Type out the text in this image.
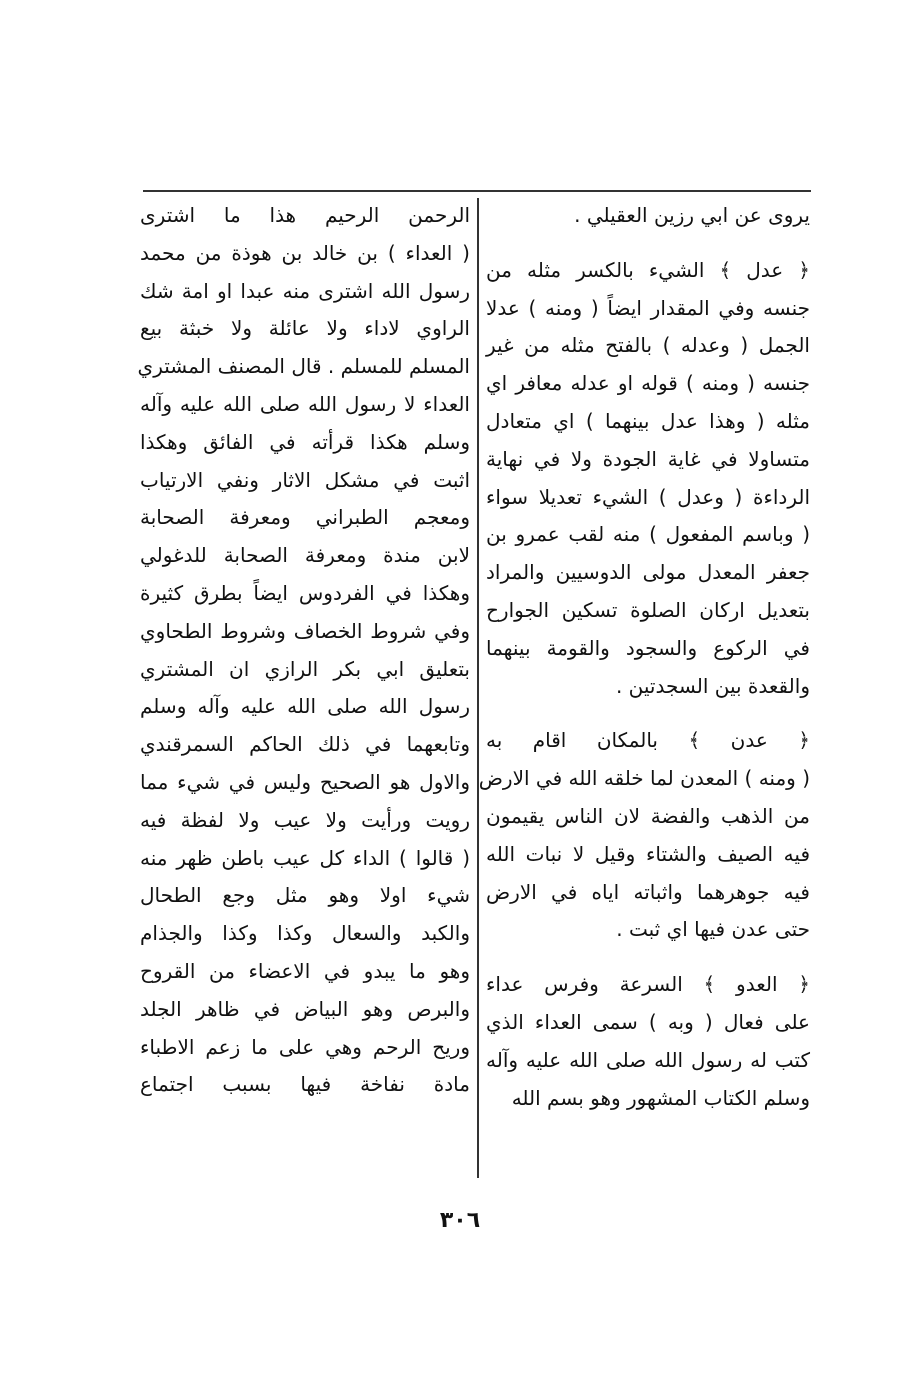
يروى عن ابي رزين العقيلي .
﴿ عدل ﴾ الشيء بالكسر مثله من
جنسه وفي المقدار ايضاً ( ومنه ) عدلا
الجمل ( وعدله ) بالفتح مثله من غير
جنسه ( ومنه ) قوله او عدله معافر اي
مثله ( وهذا عدل بينهما ) اي متعادل
متساولا في غاية الجودة ولا في نهاية
الرداءة ( وعدل ) الشيء تعديلا سواء
( وباسم المفعول ) منه لقب عمرو بن
جعفر المعدل مولى الدوسيين والمراد
بتعديل اركان الصلوة تسكين الجوارح
في الركوع والسجود والقومة بينهما
والقعدة بين السجدتين .
﴿ عدن ﴾ بالمكان اقام به
( ومنه ) المعدن لما خلقه الله في الارض
من الذهب والفضة لان الناس يقيمون
فيه الصيف والشتاء وقيل لا نبات الله
فيه جوهرهما واثباته اياه في الارض
حتى عدن فيها اي ثبت .
﴿ العدو ﴾ السرعة وفرس عداء
على فعال ( وبه ) سمى العداء الذي
كتب له رسول الله صلى الله عليه وآله
وسلم الكتاب المشهور وهو بسم الله
الرحمن الرحيم هذا ما اشترى
( العداء ) بن خالد بن هوذة من محمد
رسول الله اشترى منه عبدا او امة شك
الراوي لاداء ولا عائلة ولا خبثة بيع
المسلم للمسلم . قال المصنف المشتري
العداء لا رسول الله صلى الله عليه وآله
وسلم هكذا قرأته في الفائق وهكذا
اثبت في مشكل الاثار ونفي الارتياب
ومعجم الطبراني ومعرفة الصحابة
لابن مندة ومعرفة الصحابة للدغولي
وهكذا في الفردوس ايضاً بطرق كثيرة
وفي شروط الخصاف وشروط الطحاوي
بتعليق ابي بكر الرازي ان المشتري
رسول الله صلى الله عليه وآله وسلم
وتابعهما في ذلك الحاكم السمرقندي
والاول هو الصحيح وليس في شيء مما
رويت ورأيت ولا عيب ولا لفظة فيه
( قالوا ) الداء كل عيب باطن ظهر منه
شيء اولا وهو مثل وجع الطحال
والكبد والسعال وكذا وكذا والجذام
وهو ما يبدو في الاعضاء من القروح
والبرص وهو البياض في ظاهر الجلد
وريح الرحم وهي على ما زعم الاطباء
مادة نفاخة فيها بسبب اجتماع
٣٠٦
